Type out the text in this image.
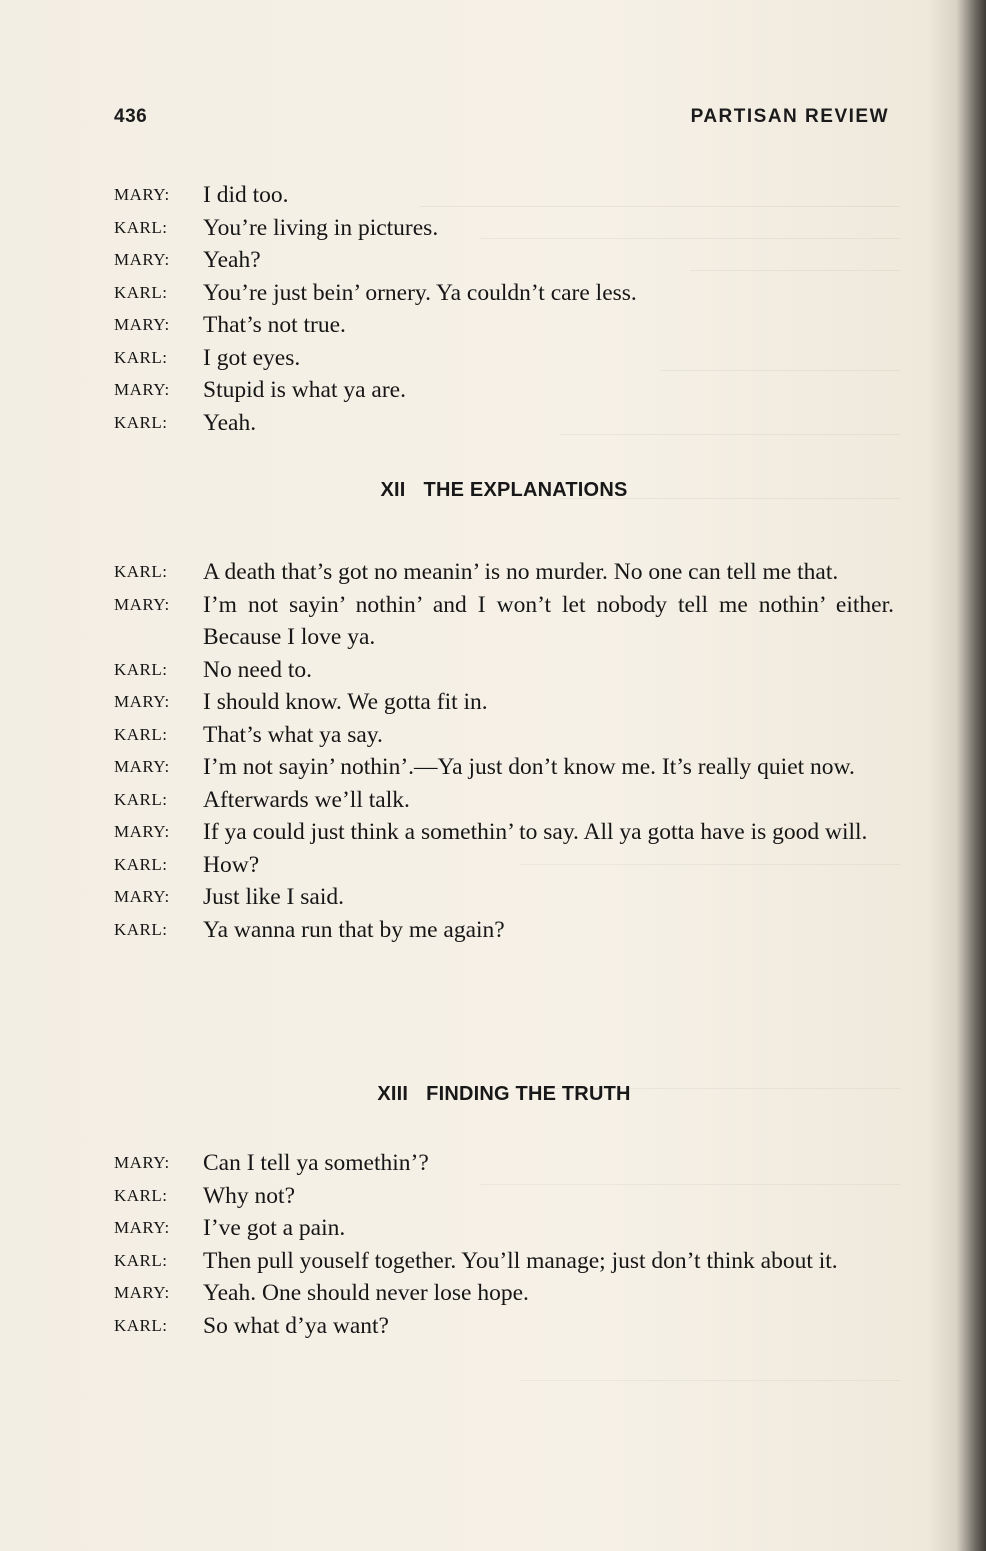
436	PARTISAN REVIEW
MARY: I did too.
KARL: You’re living in pictures.
MARY: Yeah?
KARL: You’re just bein’ ornery. Ya couldn’t care less.
MARY: That’s not true.
KARL: I got eyes.
MARY: Stupid is what ya are.
KARL: Yeah.
XII THE EXPLANATIONS
KARL: A death that’s got no meanin’ is no murder. No one can tell me that.
MARY: I’m not sayin’ nothin’ and I won’t let nobody tell me nothin’ either. Because I love ya.
KARL: No need to.
MARY: I should know. We gotta fit in.
KARL: That’s what ya say.
MARY: I’m not sayin’ nothin’.—Ya just don’t know me. It’s really quiet now.
KARL: Afterwards we’ll talk.
MARY: If ya could just think a somethin’ to say. All ya gotta have is good will.
KARL: How?
MARY: Just like I said.
KARL: Ya wanna run that by me again?
XIII FINDING THE TRUTH
MARY: Can I tell ya somethin’?
KARL: Why not?
MARY: I’ve got a pain.
KARL: Then pull youself together. You’ll manage; just don’t think about it.
MARY: Yeah. One should never lose hope.
KARL: So what d’ya want?
